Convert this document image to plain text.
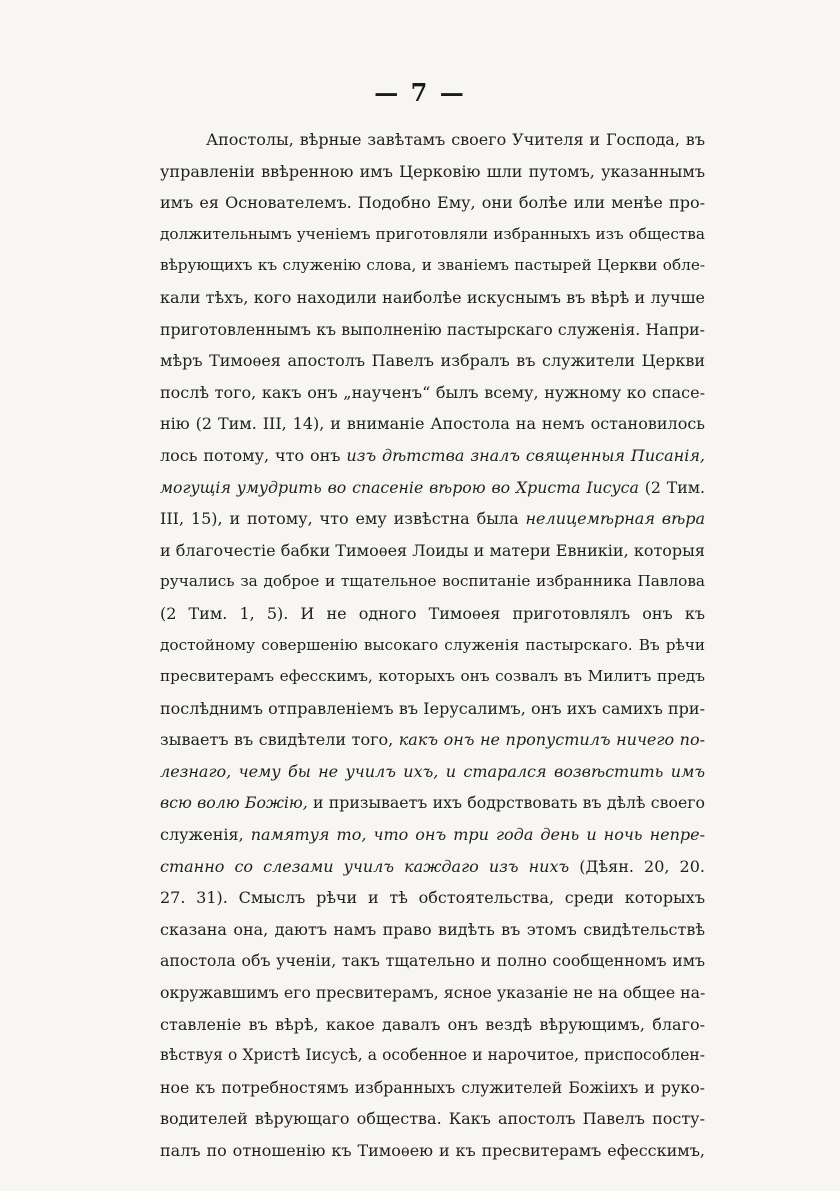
— 7 —
Апостолы, вѣрные завѣтамъ своего Учителя и Господа, въ
управленіи ввѣренною имъ Церковію шли путомъ, указаннымъ
имъ ея Основателемъ. Подобно Ему, они болѣе или менѣе про-
должительнымъ ученіемъ приготовляли избранныхъ изъ общества
вѣрующихъ къ служенію слова, и званіемъ пастырей Церкви обле-
кали тѣхъ, кого находили наиболѣе искуснымъ въ вѣрѣ и лучше
приготовленнымъ къ выполненію пастырскаго служенія. Напри-
мѣръ Тимоѳея апостолъ Павелъ избралъ въ служители Церкви
послѣ того, какъ онъ „наученъ“ былъ всему, нужному ко спасе-
нію (2 Тим. III, 14), и вниманіе Апостола на немъ остановилось
лось потому, что онъ изъ дѣтства зналъ священныя Писанія,
могущія умудрить во спасеніе вѣрою во Христа Іисуса (2 Тим.
III, 15), и потому, что ему извѣстна была нелицемѣрная вѣра
и благочестіе бабки Тимоѳея Лоиды и матери Евникіи, которыя
ручались за доброе и тщательное воспитаніе избранника Павлова
(2 Тим. 1, 5). И не одного Тимоѳея приготовлялъ онъ къ
достойному совершенію высокаго служенія пастырскаго. Въ рѣчи
пресвитерамъ ефесскимъ, которыхъ онъ созвалъ въ Милитъ предъ
послѣднимъ отправленіемъ въ Іерусалимъ, онъ ихъ самихъ при-
зываетъ въ свидѣтели того, какъ онъ не пропустилъ ничего по-
лезнаго, чему бы не училъ ихъ, и старался возвѣстить имъ
всю волю Божію, и призываетъ ихъ бодрствовать въ дѣлѣ своего
служенія, памятуя то, что онъ три года день и ночь непре-
станно со слезами училъ каждаго изъ нихъ (Дѣян. 20, 20.
27. 31). Смыслъ рѣчи и тѣ обстоятельства, среди которыхъ
сказана она, даютъ намъ право видѣть въ этомъ свидѣтельствѣ
апостола объ ученіи, такъ тщательно и полно сообщенномъ имъ
окружавшимъ его пресвитерамъ, ясное указаніе не на общее на-
ставленіе въ вѣрѣ, какое давалъ онъ вездѣ вѣрующимъ, благо-
вѣствуя о Христѣ Іисусѣ, а особенное и нарочитое, приспособлен-
ное къ потребностямъ избранныхъ служителей Божіихъ и руко-
водителей вѣрующаго общества. Какъ апостолъ Павелъ посту-
палъ по отношенію къ Тимоѳею и къ пресвитерамъ ефесскимъ,
